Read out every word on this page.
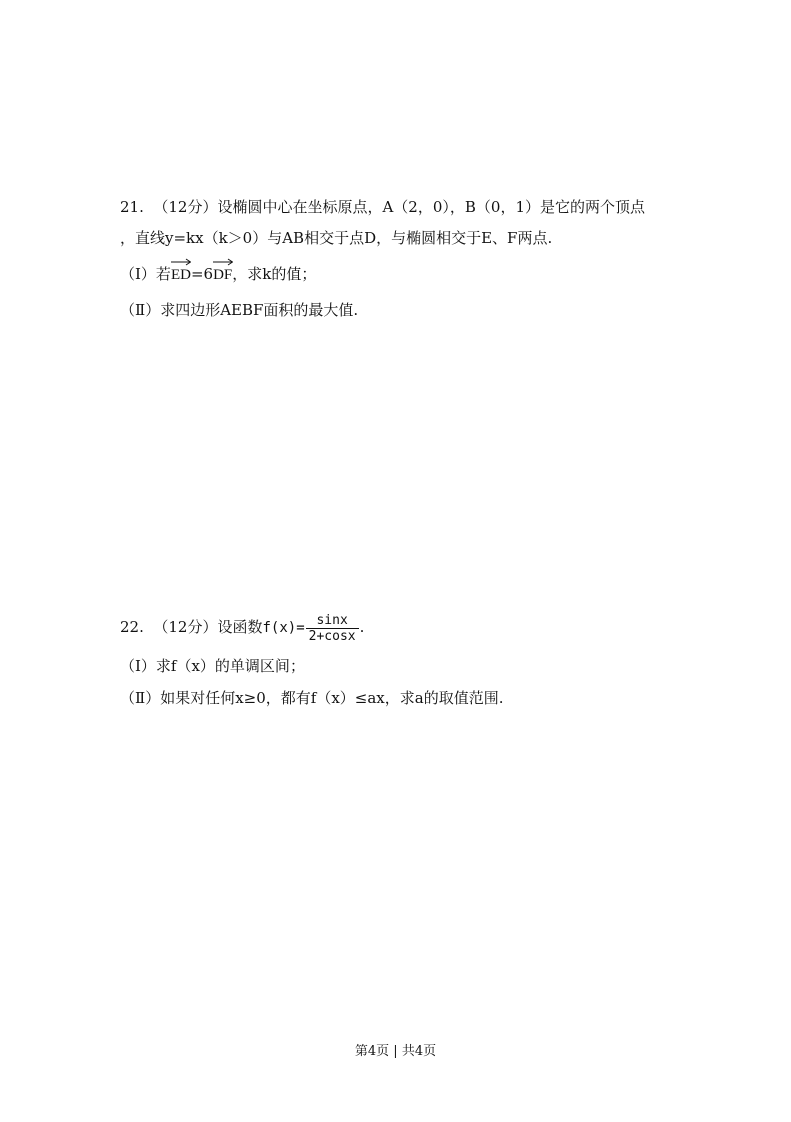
21.  （12分）设椭圆中心在坐标原点，A（2，0），B（0，1）是它的两个顶点
，直线y=kx（k＞0）与AB相交于点D，与椭圆相交于E、F两点.
（Ⅰ）若
ED=6
DF，求k的值；
（Ⅱ）求四边形AEBF面积的最大值.
22.  （12分）设函数$f(x)= \frac{\sin x}{2+\cos x}$ .
（Ⅰ）求f（x）的单调区间；
（Ⅱ）如果对任何x≥0，都有f（x）≤ax，求a的取值范围.
第4页 | 共4页
